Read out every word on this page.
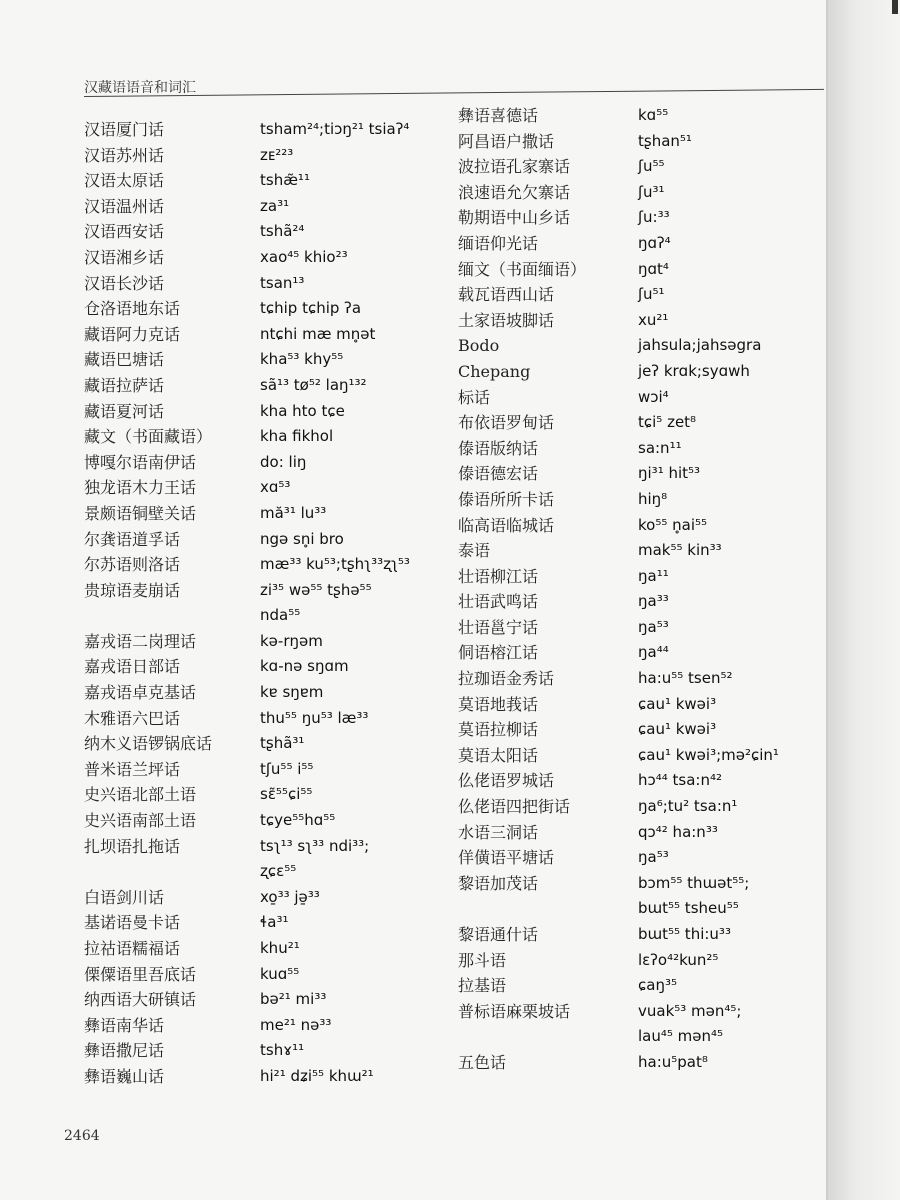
汉藏语语音和词汇
汉语厦门话	tsham²⁴;tiɔŋ²¹ tsiaʔ⁴
汉语苏州话	zᴇ²²³
汉语太原话	tshæ̃¹¹
汉语温州话	za³¹
汉语西安话	tshã²⁴
汉语湘乡话	xao⁴⁵ khio²³
汉语长沙话	tsan¹³
仓洛语地东话	tɕhip tɕhip ʔa
藏语阿力克话	ntɕhi mæ mn̥ət
藏语巴塘话	kha⁵³ khy⁵⁵
藏语拉萨话	sã¹³ tø⁵² laŋ¹³²
藏语夏河话	kha hto tɕe
藏文（书面藏语）	kha fikhol
博嘎尔语南伊话	do: liŋ
独龙语木力王话	xɑ⁵³
景颇语铜壁关话	mă³¹ lu³³
尔龚语道孚话	ngə sn̥i bro
尔苏语则洛话	mæ³³ ku⁵³;tʂhʅ³³ʐʅ⁵³
贵琼语麦崩话	zi³⁵ wə⁵⁵ tʂhə⁵⁵
nda⁵⁵
嘉戎语二岗理话	kə-rŋəm
嘉戎语日部话	kɑ-nə sŋɑm
嘉戎语卓克基话	kɐ sŋɐm
木雅语六巴话	thu⁵⁵ ŋu⁵³ læ³³
纳木义语锣锅底话	tʂhã³¹
普米语兰坪话	tʃu⁵⁵ i⁵⁵
史兴语北部土语	sɛ̃⁵⁵ɕi⁵⁵
史兴语南部土语	tɕye⁵⁵hɑ⁵⁵
扎坝语扎拖话	tsʅ¹³ sʅ³³ ndi³³;
ʐɕɛ⁵⁵
白语剑川话	xo̱³³ jə̱³³
基诺语曼卡话	ɬa³¹
拉祜语糯福话	khu²¹
傈僳语里吾底话	kuɑ⁵⁵
纳西语大研镇话	bə²¹ mi³³
彝语南华话	me²¹ nə³³
彝语撒尼话	tshɤ¹¹
彝语巍山话	hi²¹ dʑi⁵⁵ khɯ²¹
彝语喜德话	kɑ⁵⁵
阿昌语户撒话	tʂhan⁵¹
波拉语孔家寨话	ʃu⁵⁵
浪速语允欠寨话	ʃu³¹
勒期语中山乡话	ʃu:³³
缅语仰光话	ŋɑʔ⁴
缅文（书面缅语）	ŋɑt⁴
载瓦语西山话	ʃu⁵¹
土家语坡脚话	xu²¹
Bodo	jahsula;jahsəgra
Chepang	jeʔ krɑk;syɑwh
标话	wɔi⁴
布依语罗甸话	tɕi⁵ zet⁸
傣语版纳话	sa:n¹¹
傣语德宏话	ŋi³¹ hit⁵³
傣语所所卡话	hiŋ⁸
临高语临城话	ko⁵⁵ n̥ai⁵⁵
泰语	mak⁵⁵ kin³³
壮语柳江话	ŋa¹¹
壮语武鸣话	ŋa³³
壮语邕宁话	ŋa⁵³
侗语榕江话	ŋa⁴⁴
拉珈语金秀话	ha:u⁵⁵ tsen⁵²
莫语地莪话	ɕau¹ kwəi³
莫语拉柳话	ɕau¹ kwəi³
莫语太阳话	ɕau¹ kwəi³;mə²ɕin¹
仫佬语罗城话	hɔ⁴⁴ tsa:n⁴²
仫佬语四把街话	ŋa⁶;tu² tsa:n¹
水语三洞话	qɔ⁴² ha:n³³
佯僙语平塘话	ŋa⁵³
黎语加茂话	bɔm⁵⁵ thɯət⁵⁵;
bɯt⁵⁵ tsheu⁵⁵
黎语通什话	bɯt⁵⁵ thi:u³³
那斗语	lɛʔo⁴²kun²⁵
拉基语	ɕaŋ³⁵
普标语麻栗坡话	vuak⁵³ mən⁴⁵;
lau⁴⁵ mən⁴⁵
五色话	ha:u⁵pat⁸
2464
